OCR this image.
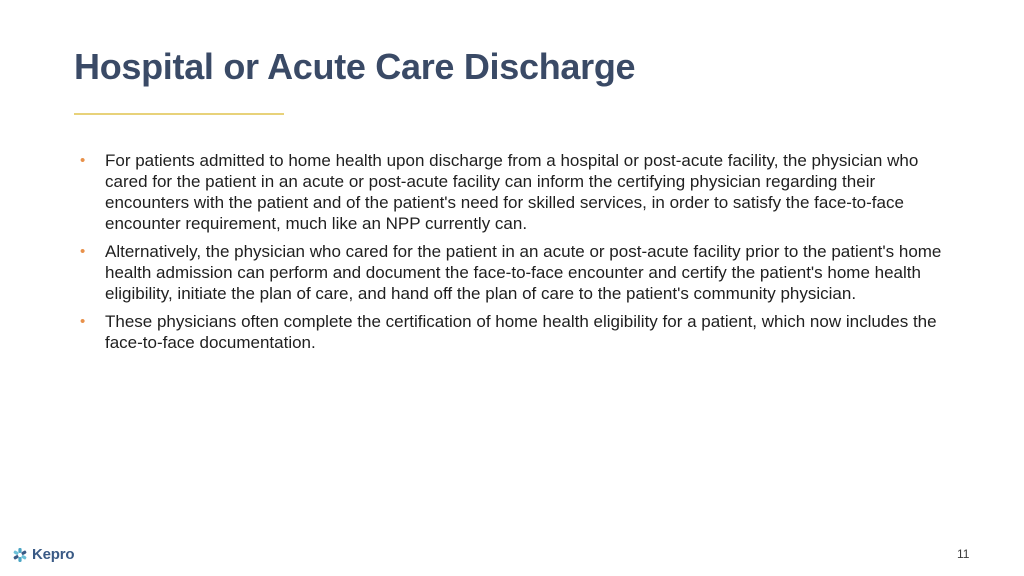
Hospital or Acute Care Discharge
• For patients admitted to home health upon discharge from a hospital or post-acute facility, the physician who cared for the patient in an acute or post-acute facility can inform the certifying physician regarding their encounters with the patient and of the patient's need for skilled services, in order to satisfy the face-to-face encounter requirement, much like an NPP currently can.
• Alternatively, the physician who cared for the patient in an acute or post-acute facility prior to the patient's home health admission can perform and document the face-to-face encounter and certify the patient's home health eligibility, initiate the plan of care, and hand off the plan of care to the patient's community physician.
• These physicians often complete the certification of home health eligibility for a patient, which now includes the face-to-face documentation.
Kepro	11
